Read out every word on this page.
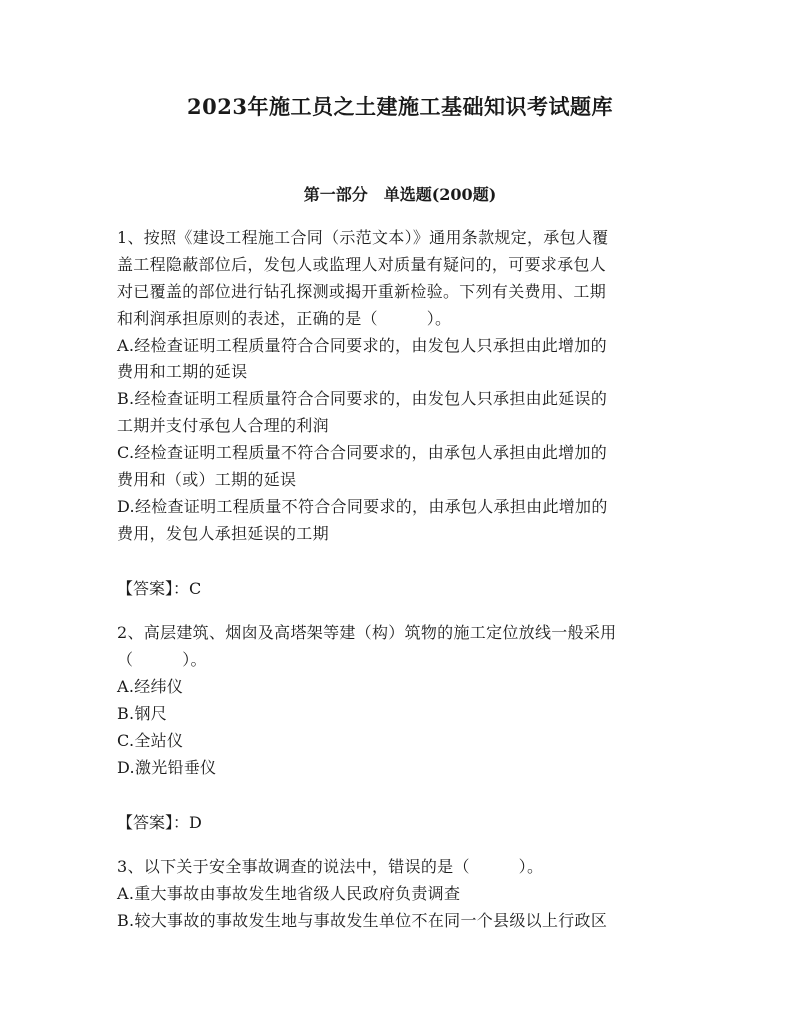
2023年施工员之土建施工基础知识考试题库
第一部分　单选题(200题)
1、按照《建设工程施工合同（示范文本）》通用条款规定，承包人覆
盖工程隐蔽部位后，发包人或监理人对质量有疑问的，可要求承包人
对已覆盖的部位进行钻孔探测或揭开重新检验。下列有关费用、工期
和利润承担原则的表述，正确的是（　　　）。
A.经检查证明工程质量符合合同要求的，由发包人只承担由此增加的
费用和工期的延误
B.经检查证明工程质量符合合同要求的，由发包人只承担由此延误的
工期并支付承包人合理的利润
C.经检查证明工程质量不符合合同要求的，由承包人承担由此增加的
费用和（或）工期的延误
D.经检查证明工程质量不符合合同要求的，由承包人承担由此增加的
费用，发包人承担延误的工期
【答案】：C
2、高层建筑、烟囱及高塔架等建（构）筑物的施工定位放线一般采用
（　　　）。
A.经纬仪
B.钢尺
C.全站仪
D.激光铅垂仪
【答案】：D
3、以下关于安全事故调查的说法中，错误的是（　　　）。
A.重大事故由事故发生地省级人民政府负责调查
B.较大事故的事故发生地与事故发生单位不在同一个县级以上行政区
